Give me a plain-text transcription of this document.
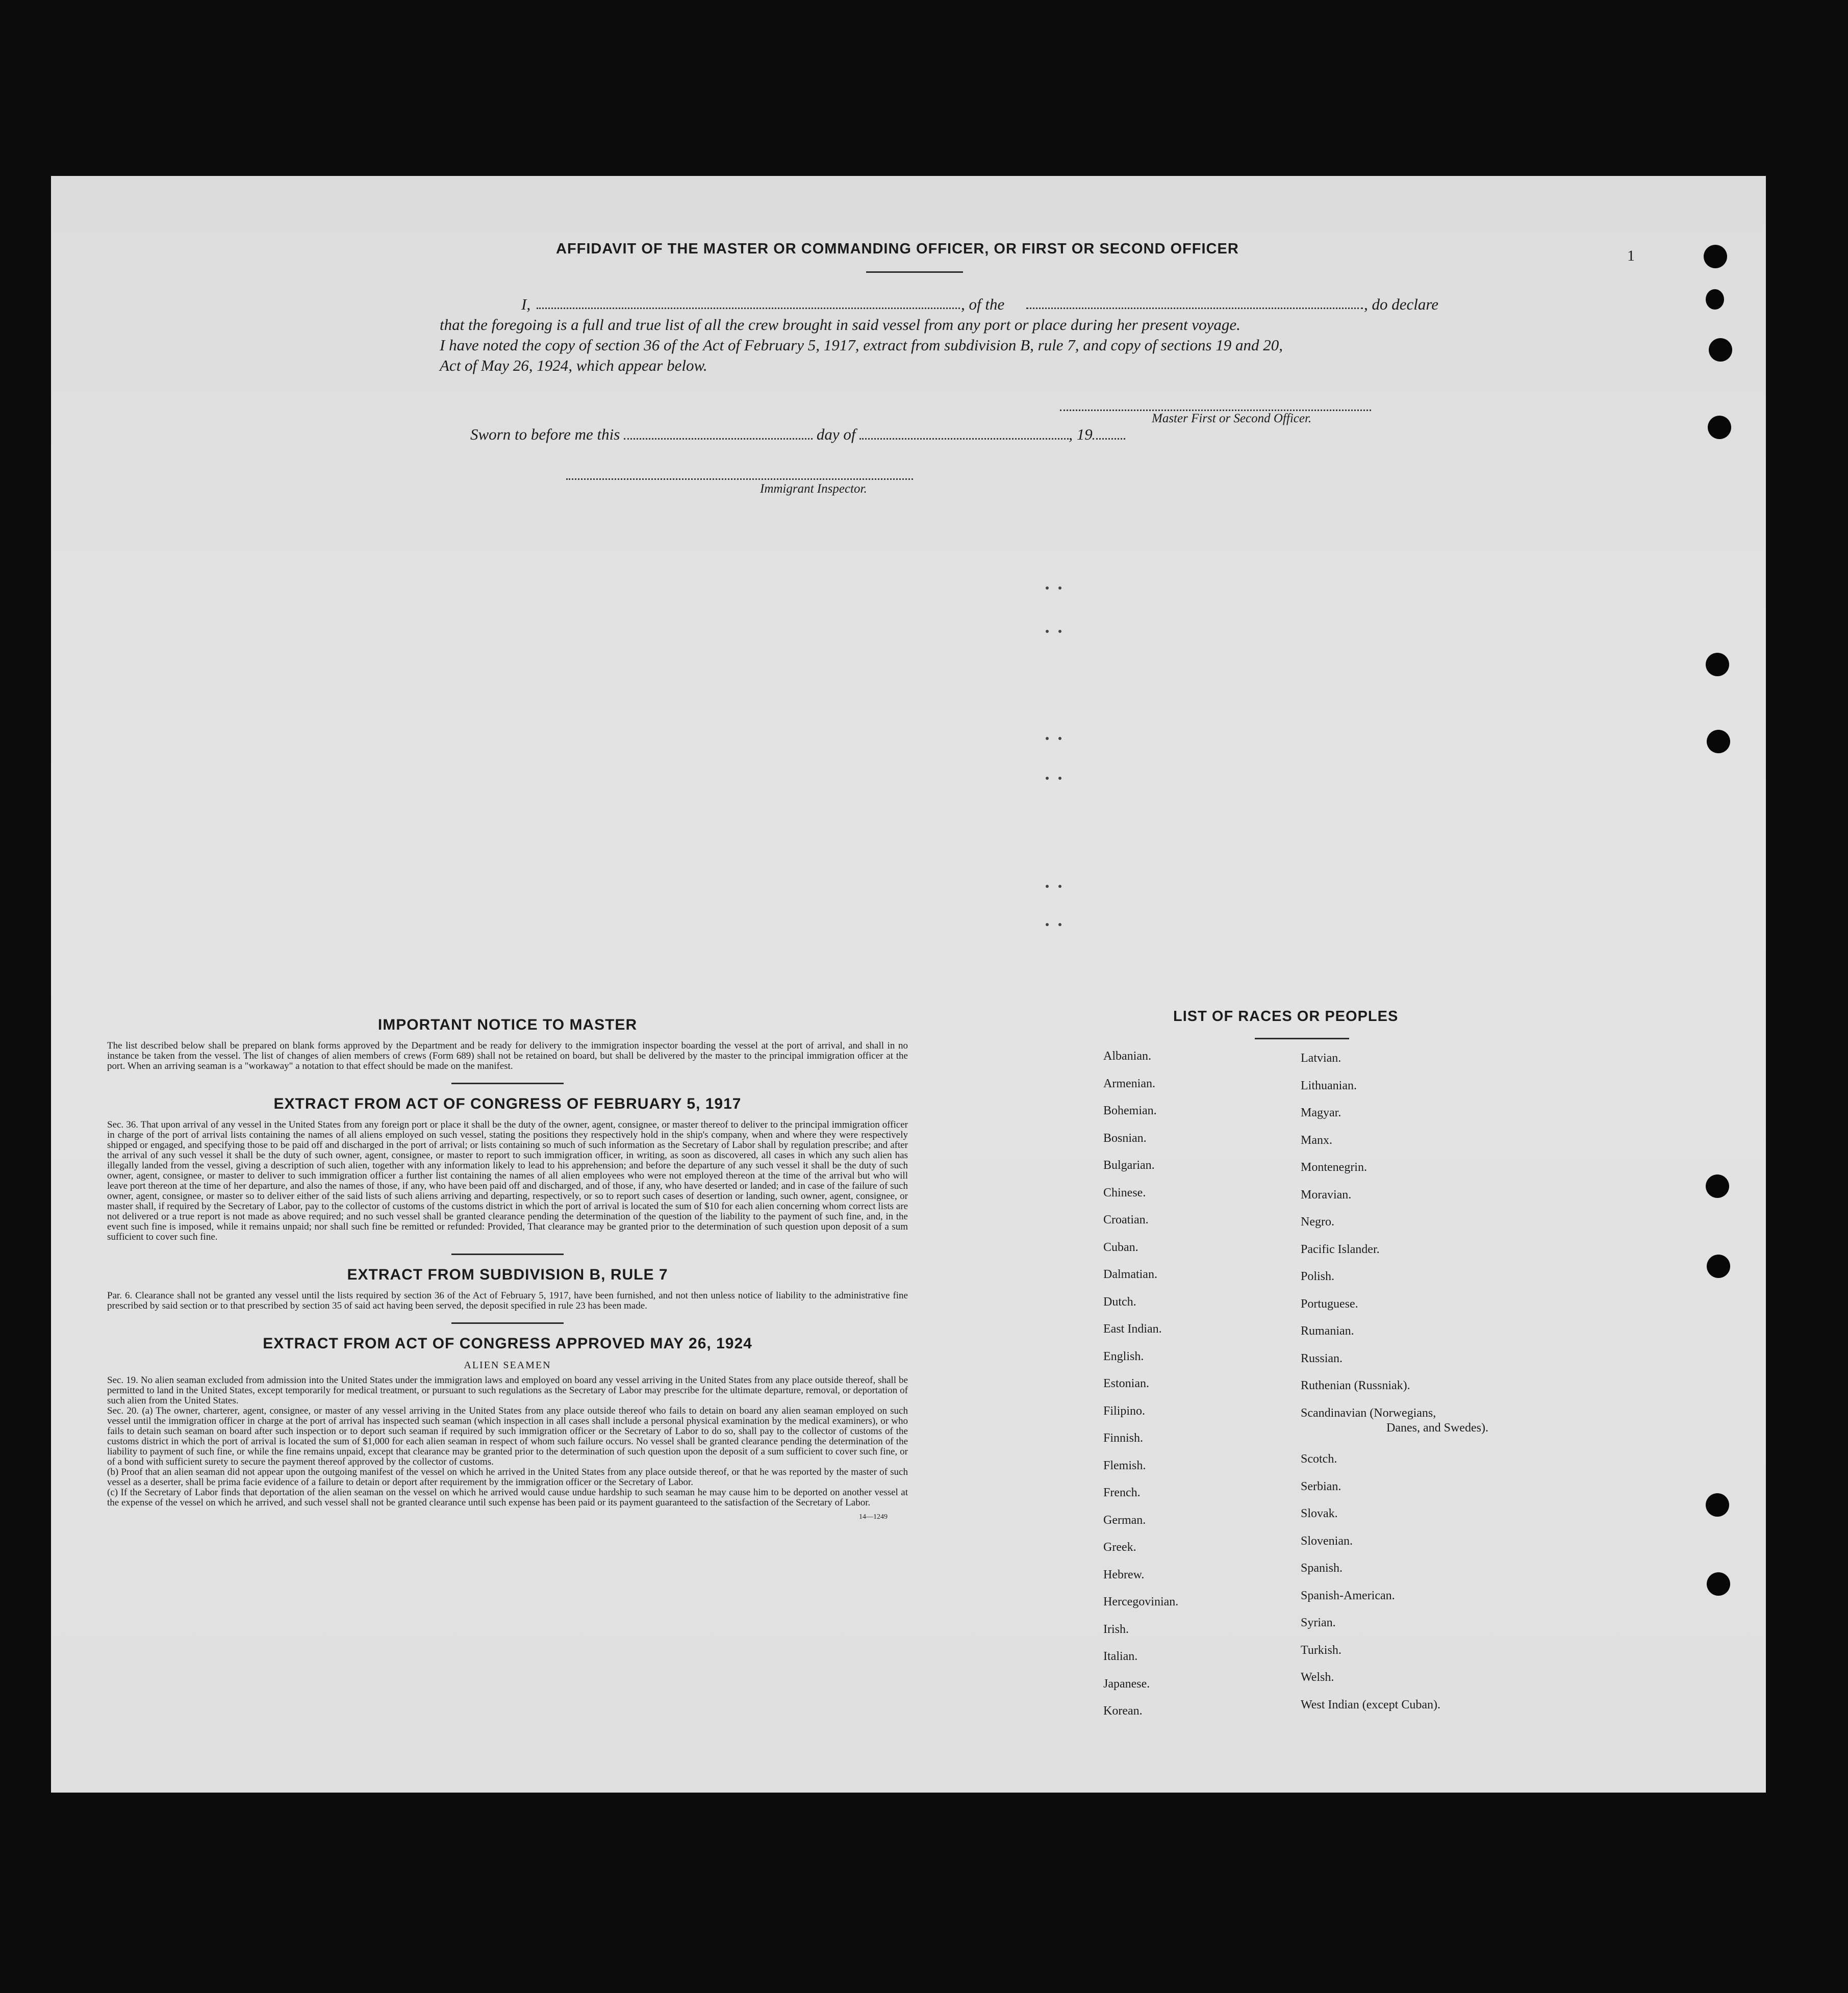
1
AFFIDAVIT OF THE MASTER OR COMMANDING OFFICER, OR FIRST OR SECOND OFFICER
I,	, of the	, do declare
that the foregoing is a full and true list of all the crew brought in said vessel from any port or place during her present voyage.
I have noted the copy of section 36 of the Act of February 5, 1917, extract from subdivision B, rule 7, and copy of sections 19 and 20,
Act of May 26, 1924, which appear below.
Master First or Second Officer.
Sworn to before me this	day of	, 19
Immigrant Inspector.
IMPORTANT NOTICE TO MASTER

The list described below shall be prepared on blank forms approved by the Department and be ready for delivery to the immigration inspector boarding the vessel at the port of arrival, and shall in no instance be taken from the vessel. The list of changes of alien members of crews (Form 689) shall not be retained on board, but shall be delivered by the master to the principal immigration officer at the port. When an arriving seaman is a "workaway" a notation to that effect should be made on the manifest.

EXTRACT FROM ACT OF CONGRESS OF FEBRUARY 5, 1917

Sec. 36. That upon arrival of any vessel in the United States from any foreign port or place it shall be the duty of the owner, agent, consignee, or master thereof to deliver to the principal immigration officer in charge of the port of arrival lists containing the names of all aliens employed on such vessel, stating the positions they respectively hold in the ship's company, when and where they were respectively shipped or engaged, and specifying those to be paid off and discharged in the port of arrival; or lists containing so much of such information as the Secretary of Labor shall by regulation prescribe; and after the arrival of any such vessel it shall be the duty of such owner, agent, consignee, or master to report to such immigration officer, in writing, as soon as discovered, all cases in which any such alien has illegally landed from the vessel, giving a description of such alien, together with any information likely to lead to his apprehension; and before the departure of any such vessel it shall be the duty of such owner, agent, consignee, or master to deliver to such immigration officer a further list containing the names of all alien employees who were not employed thereon at the time of the arrival but who will leave port thereon at the time of her departure, and also the names of those, if any, who have been paid off and discharged, and of those, if any, who have deserted or landed; and in case of the failure of such owner, agent, consignee, or master so to deliver either of the said lists of such aliens arriving and departing, respectively, or so to report such cases of desertion or landing, such owner, agent, consignee, or master shall, if required by the Secretary of Labor, pay to the collector of customs of the customs district in which the port of arrival is located the sum of $10 for each alien concerning whom correct lists are not delivered or a true report is not made as above required; and no such vessel shall be granted clearance pending the determination of the question of the liability to the payment of such fine, and, in the event such fine is imposed, while it remains unpaid; nor shall such fine be remitted or refunded: Provided, That clearance may be granted prior to the determination of such question upon deposit of a sum sufficient to cover such fine.

EXTRACT FROM SUBDIVISION B, RULE 7

Par. 6. Clearance shall not be granted any vessel until the lists required by section 36 of the Act of February 5, 1917, have been furnished, and not then unless notice of liability to the administrative fine prescribed by said section or to that prescribed by section 35 of said act having been served, the deposit specified in rule 23 has been made.

EXTRACT FROM ACT OF CONGRESS APPROVED MAY 26, 1924
ALIEN SEAMEN

Sec. 19. No alien seaman excluded from admission into the United States under the immigration laws and employed on board any vessel arriving in the United States from any place outside thereof, shall be permitted to land in the United States, except temporarily for medical treatment, or pursuant to such regulations as the Secretary of Labor may prescribe for the ultimate departure, removal, or deportation of such alien from the United States.

Sec. 20. (a) The owner, charterer, agent, consignee, or master of any vessel arriving in the United States from any place outside thereof who fails to detain on board any alien seaman employed on such vessel until the immigration officer in charge at the port of arrival has inspected such seaman (which inspection in all cases shall include a personal physical examination by the medical examiners), or who fails to detain such seaman on board after such inspection or to deport such seaman if required by such immigration officer or the Secretary of Labor to do so, shall pay to the collector of customs of the customs district in which the port of arrival is located the sum of $1,000 for each alien seaman in respect of whom such failure occurs. No vessel shall be granted clearance pending the determination of the liability to payment of such fine, or while the fine remains unpaid, except that clearance may be granted prior to the determination of such question upon the deposit of a sum sufficient to cover such fine, or of a bond with sufficient surety to secure the payment thereof approved by the collector of customs.

(b) Proof that an alien seaman did not appear upon the outgoing manifest of the vessel on which he arrived in the United States from any place outside thereof, or that he was reported by the master of such vessel as a deserter, shall be prima facie evidence of a failure to detain or deport after requirement by the immigration officer or the Secretary of Labor.

(c) If the Secretary of Labor finds that deportation of the alien seaman on the vessel on which he arrived would cause undue hardship to such seaman he may cause him to be deported on another vessel at the expense of the vessel on which he arrived, and such vessel shall not be granted clearance until such expense has been paid or its payment guaranteed to the satisfaction of the Secretary of Labor.

14—1249
LIST OF RACES OR PEOPLES
Albanian.
Armenian.
Bohemian.
Bosnian.
Bulgarian.
Chinese.
Croatian.
Cuban.
Dalmatian.
Dutch.
East Indian.
English.
Estonian.
Filipino.
Finnish.
Flemish.
French.
German.
Greek.
Hebrew.
Hercegovinian.
Irish.
Italian.
Japanese.
Korean.
Latvian.
Lithuanian.
Magyar.
Manx.
Montenegrin.
Moravian.
Negro.
Pacific Islander.
Polish.
Portuguese.
Rumanian.
Russian.
Ruthenian (Russniak).
Scandinavian (Norwegians,
Danes, and Swedes).
Scotch.
Serbian.
Slovak.
Slovenian.
Spanish.
Spanish-American.
Syrian.
Turkish.
Welsh.
West Indian (except Cuban).
